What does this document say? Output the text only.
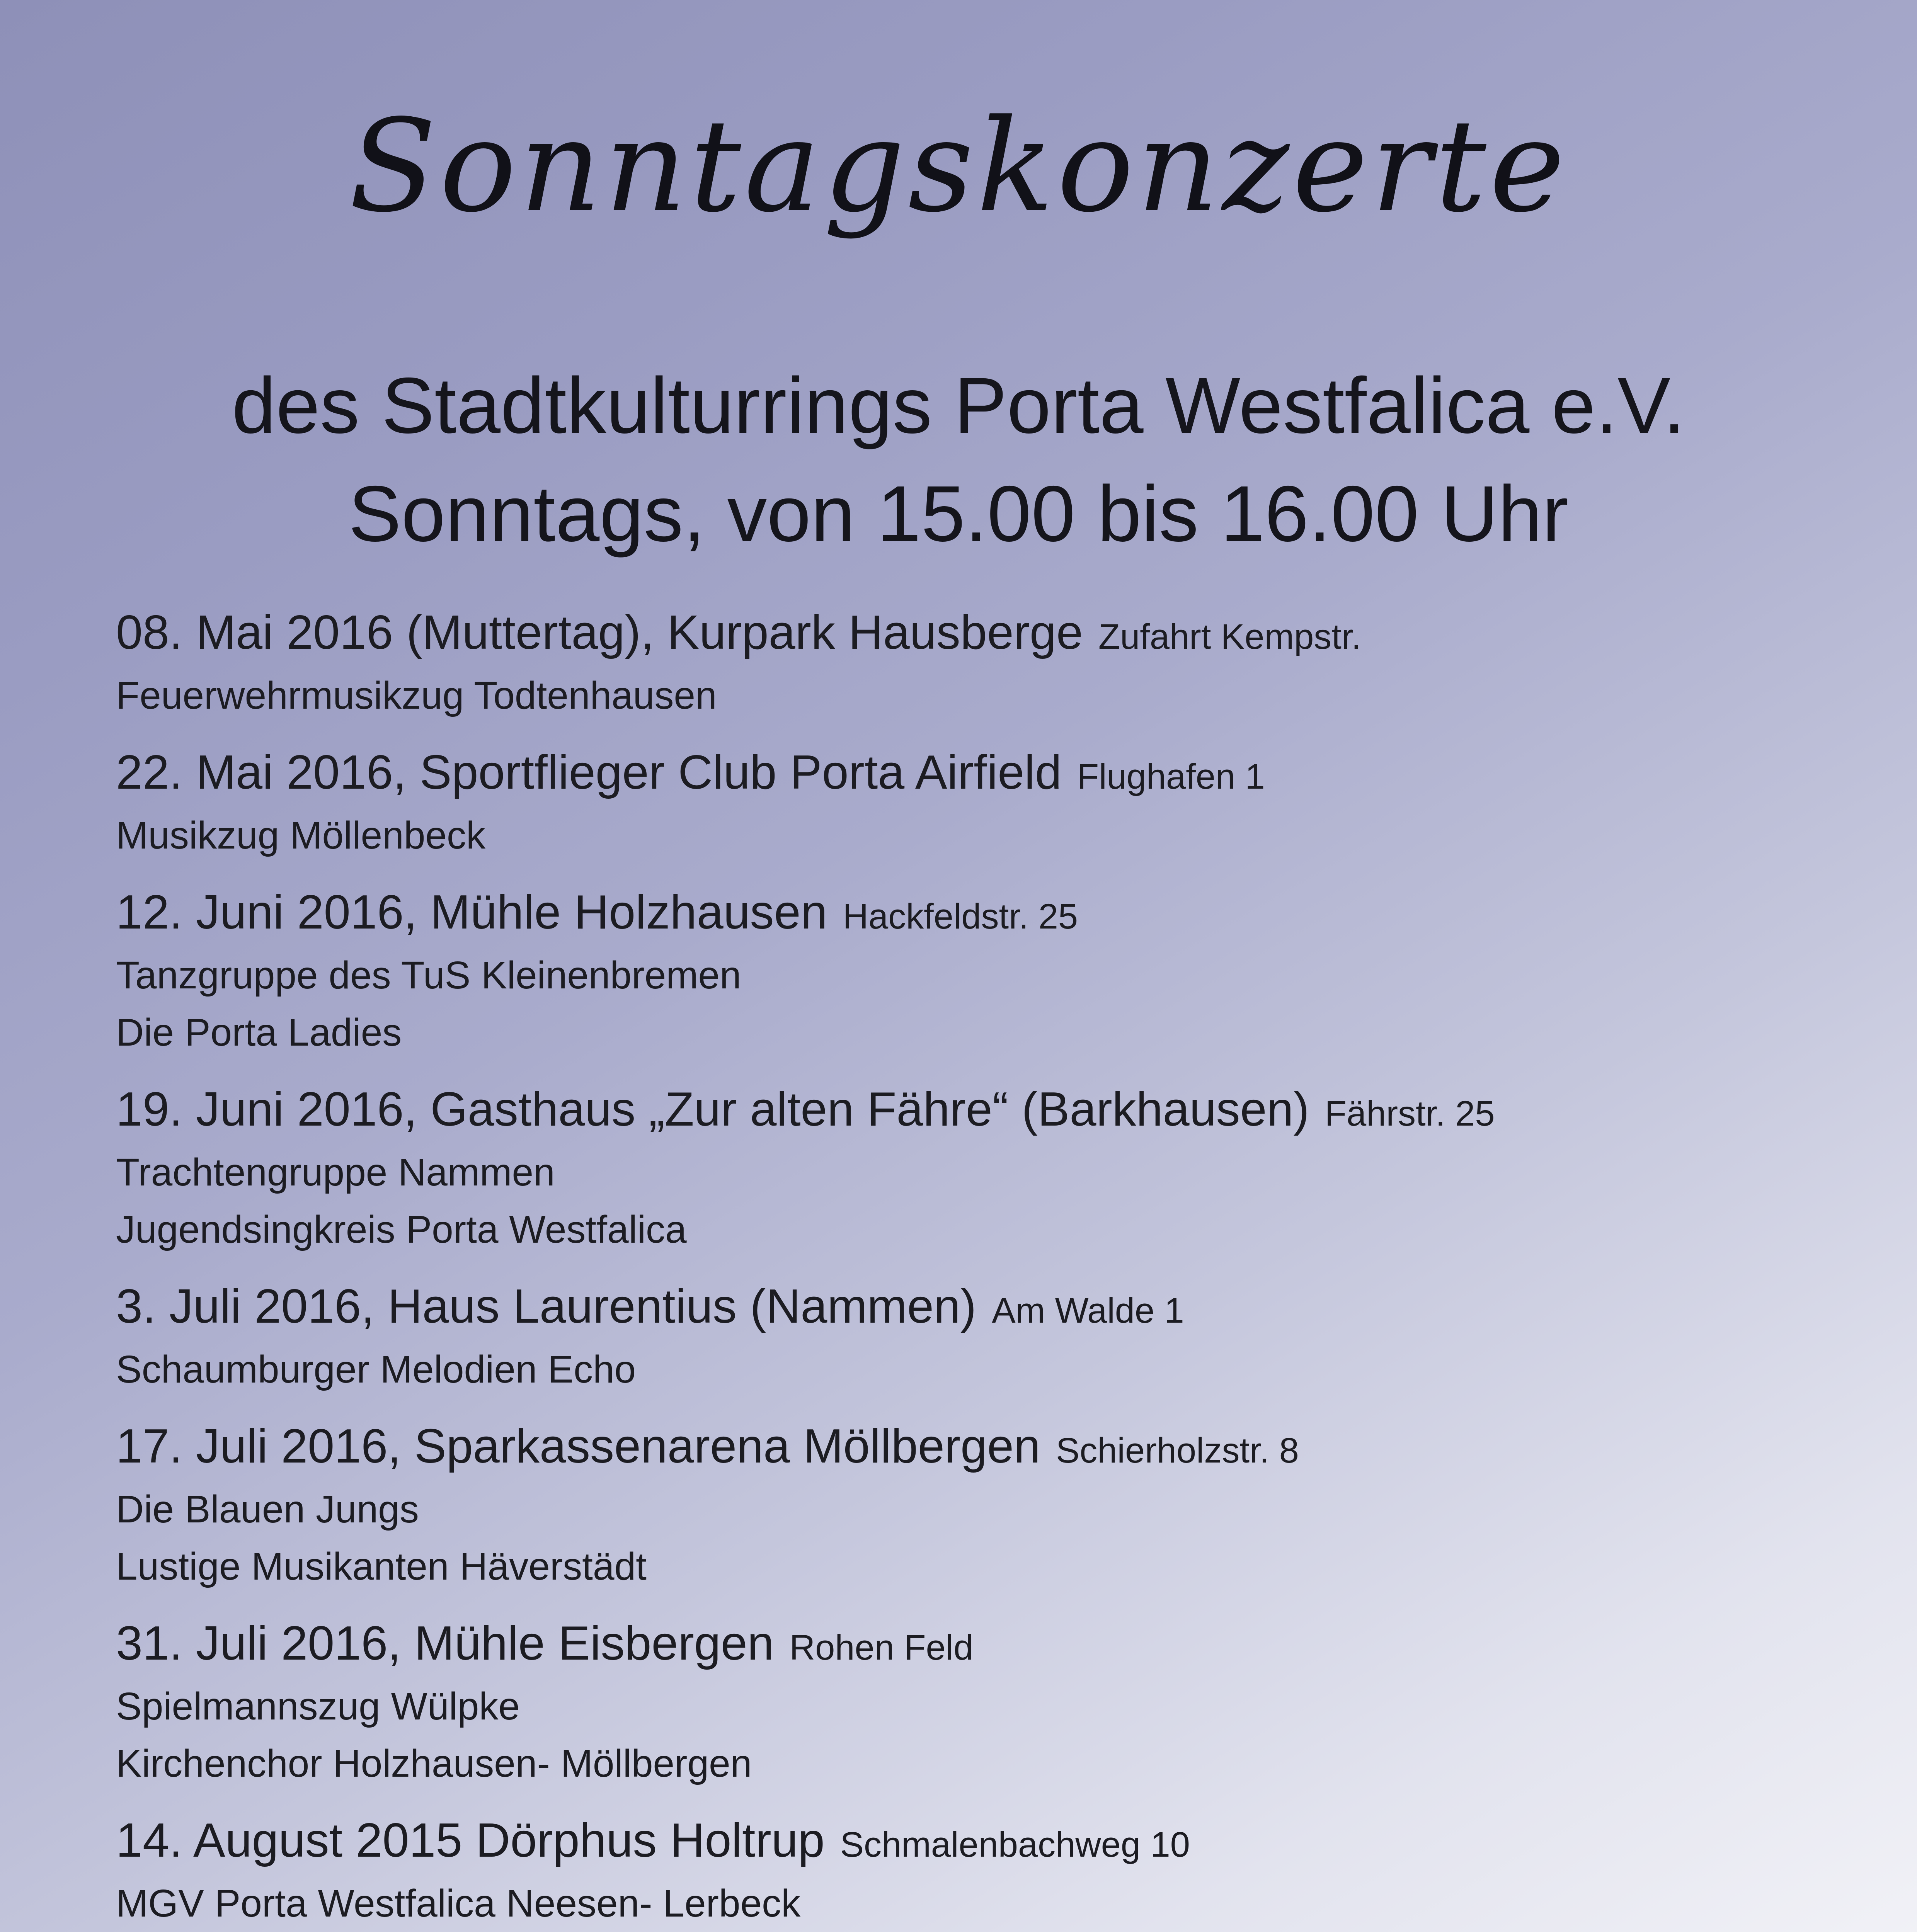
Sonntagskonzerte
des Stadtkulturrings Porta Westfalica e.V.
Sonntags, von 15.00 bis 16.00 Uhr
08. Mai 2016 (Muttertag), Kurpark Hausberge Zufahrt Kempstr.
Feuerwehrmusikzug Todtenhausen
22. Mai 2016, Sportflieger Club Porta Airfield Flughafen 1
Musikzug Möllenbeck
12. Juni 2016, Mühle Holzhausen Hackfeldstr. 25
Tanzgruppe des TuS Kleinenbremen
Die Porta Ladies
19. Juni 2016, Gasthaus „Zur alten Fähre“ (Barkhausen) Fährstr. 25
Trachtengruppe Nammen
Jugendsingkreis Porta Westfalica
3. Juli 2016, Haus Laurentius (Nammen) Am Walde 1
Schaumburger Melodien Echo
17. Juli 2016, Sparkassenarena Möllbergen Schierholzstr. 8
Die Blauen Jungs
Lustige Musikanten Häverstädt
31. Juli 2016, Mühle Eisbergen Rohen Feld
Spielmannszug Wülpke
Kirchenchor Holzhausen- Möllbergen
14. August 2015 Dörphus Holtrup Schmalenbachweg 10
MGV Porta Westfalica Neesen- Lerbeck
